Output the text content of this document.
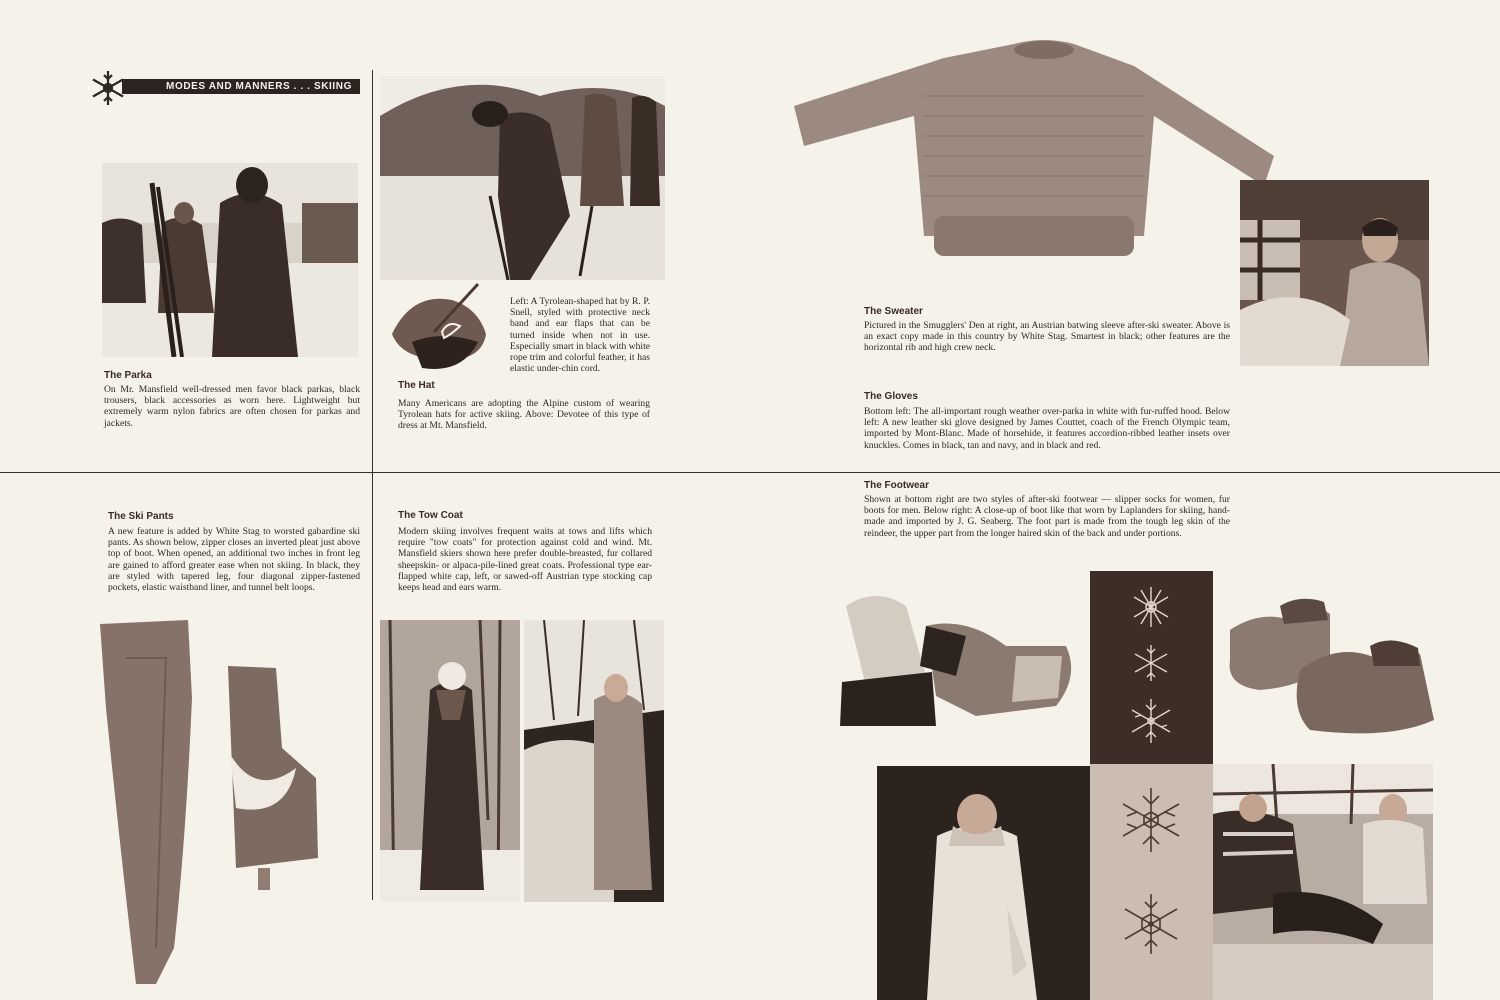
MODES AND MANNERS . . . SKIING
The Parka

On Mr. Mansfield well-dressed men favor black parkas, black trousers, black accessories as worn here. Lightweight but extremely warm nylon fabrics are often chosen for parkas and jackets.

Left: A Tyrolean-shaped hat by R. P. Snell, styled with protective neck band and ear flaps that can be turned inside when not in use. Especially smart in black with white rope trim and colorful feather, it has elastic under-chin cord.

The Hat

Many Americans are adopting the Alpine custom of wearing Tyrolean hats for active skiing. Above: Devotee of this type of dress at Mt. Mansfield.

The Sweater

Pictured in the Smugglers' Den at right, an Austrian batwing sleeve after-ski sweater. Above is an exact copy made in this country by White Stag. Smartest in black; other features are the horizontal rib and high crew neck.

The Gloves

Bottom left: The all-important rough weather over-parka in white with fur-ruffed hood. Below left: A new leather ski glove designed by James Couttet, coach of the French Olympic team, imported by Mont-Blanc. Made of horsehide, it features accordion-ribbed leather insets over knuckles. Comes in black, tan and navy, and in black and red.

The Footwear

Shown at bottom right are two styles of after-ski footwear — slipper socks for women, fur boots for men. Below right: A close-up of boot like that worn by Laplanders for skiing, hand-made and imported by J. G. Seaberg. The foot part is made from the tough leg skin of the reindeer, the upper part from the longer haired skin of the back and under portions.

The Ski Pants

A new feature is added by White Stag to worsted gabardine ski pants. As shown below, zipper closes an inverted pleat just above top of boot. When opened, an additional two inches in front leg are gained to afford greater ease when not skiing. In black, they are styled with tapered leg, four diagonal zipper-fastened pockets, elastic waistband liner, and tunnel belt loops.

The Tow Coat

Modern skiing involves frequent waits at tows and lifts which require "tow coats" for protection against cold and wind. Mt. Mansfield skiers shown here prefer double-breasted, fur collared sheepskin- or alpaca-pile-lined great coats. Professional type ear-flapped white cap, left, or sawed-off Austrian type stocking cap keeps head and ears warm.
